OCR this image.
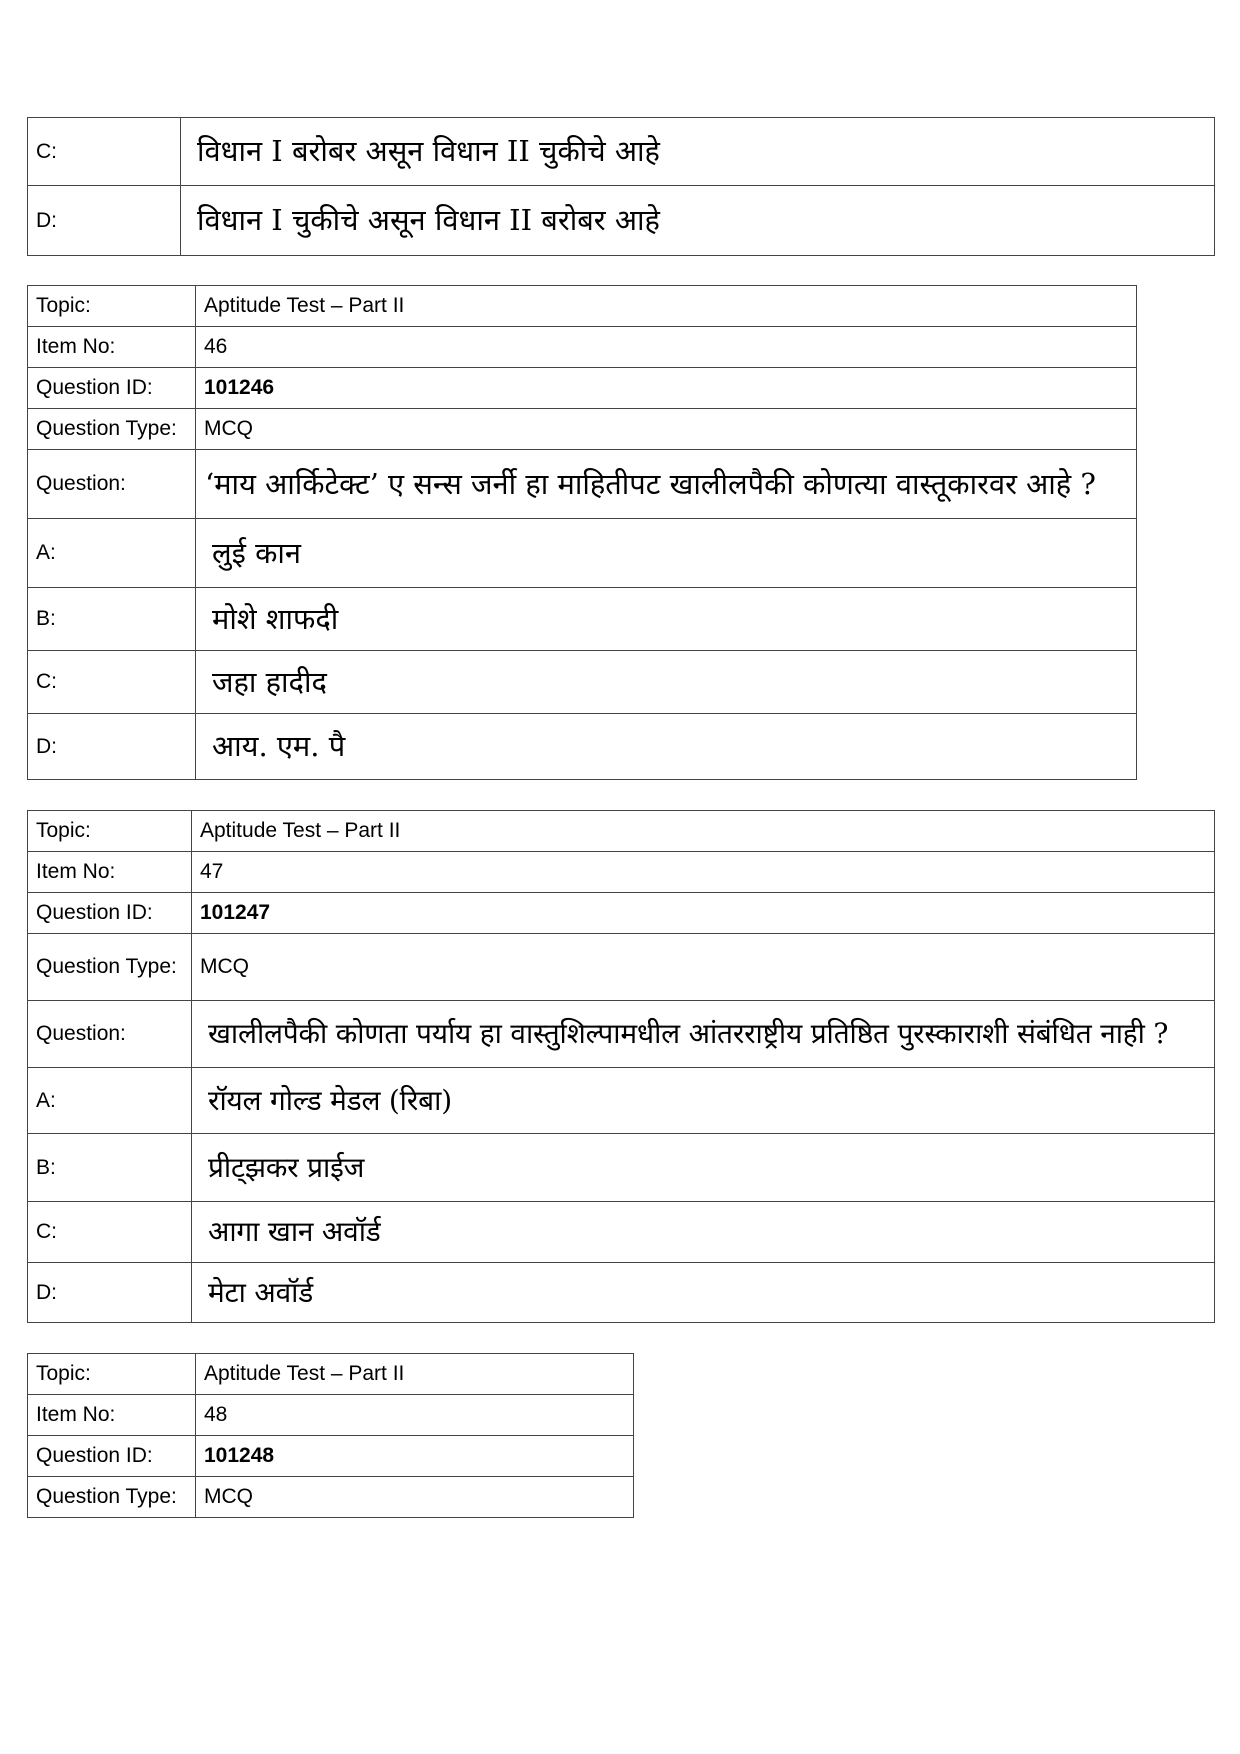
C:	विधान I बरोबर असून विधान II चुकीचे आहे
D:	विधान I चुकीचे असून विधान II बरोबर आहे
Topic:	Aptitude Test – Part II
Item No:	46
Question ID:	101246
Question Type:	MCQ
Question:	‘माय आर्किटेक्ट’ ए सन्स जर्नी हा माहितीपट खालीलपैकी कोणत्या वास्तूकारवर आहे ?
A:	लुई कान
B:	मोशे शाफदी
C:	जहा हादीद
D:	आय. एम. पै
Topic:	Aptitude Test – Part II
Item No:	47
Question ID:	101247
Question Type:	MCQ
Question:	खालीलपैकी कोणता पर्याय हा वास्तुशिल्पामधील आंतरराष्ट्रीय प्रतिष्ठित पुरस्काराशी संबंधित नाही ?
A:	रॉयल गोल्ड मेडल (रिबा)
B:	प्रीट्झकर प्राईज
C:	आगा खान अवॉर्ड
D:	मेटा अवॉर्ड
Topic:	Aptitude Test – Part II
Item No:	48
Question ID:	101248
Question Type:	MCQ
